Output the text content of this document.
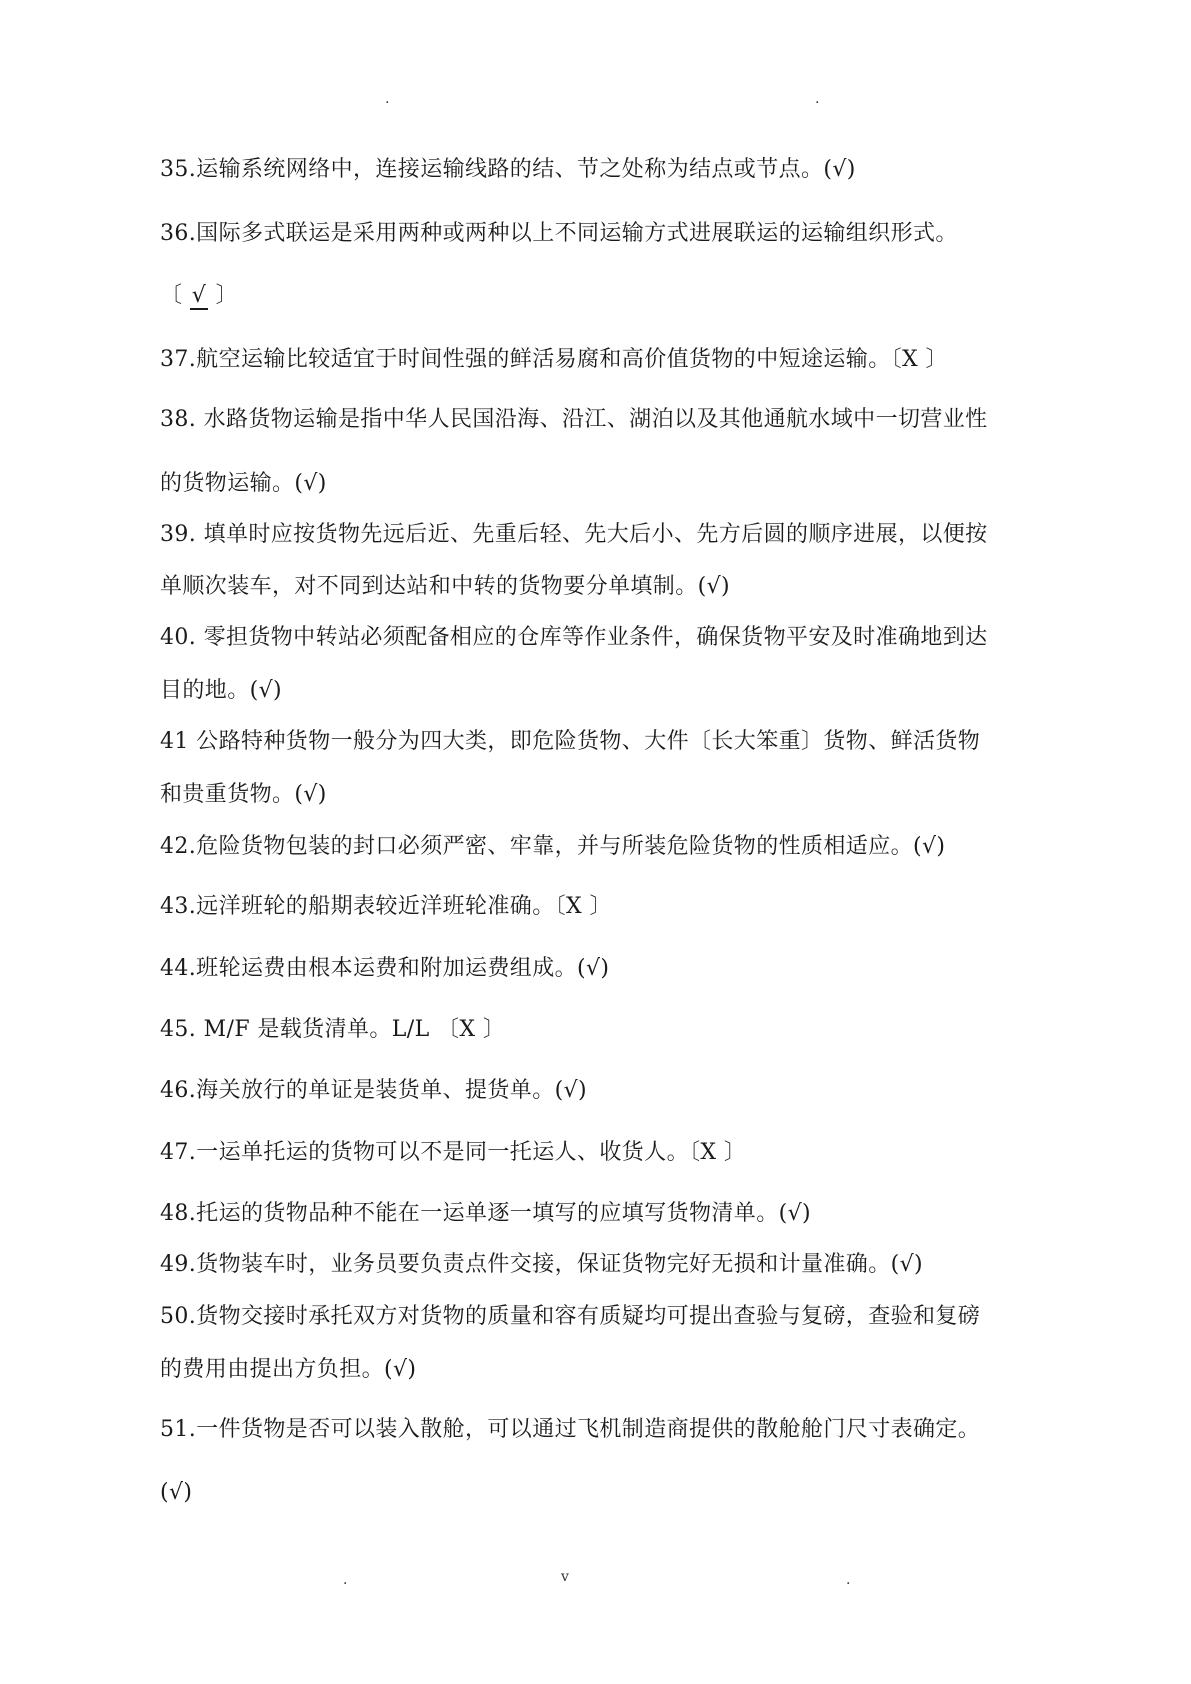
.	.

35.运输系统网络中，连接运输线路的结、节之处称为结点或节点。(√)

36.国际多式联运是采用两种或两种以上不同运输方式进展联运的运输组织形式。

〔 √ 〕

37.航空运输比较适宜于时间性强的鲜活易腐和高价值货物的中短途运输。〔X 〕

38. 水路货物运输是指中华人民国沿海、沿江、湖泊以及其他通航水域中一切营业性

的货物运输。(√)

39. 填单时应按货物先远后近、先重后轻、先大后小、先方后圆的顺序进展，以便按

单顺次装车，对不同到达站和中转的货物要分单填制。(√)

40. 零担货物中转站必须配备相应的仓库等作业条件，确保货物平安及时准确地到达

目的地。(√)

41 公路特种货物一般分为四大类，即危险货物、大件〔长大笨重〕货物、鲜活货物

和贵重货物。(√)

42.危险货物包装的封口必须严密、牢靠，并与所装危险货物的性质相适应。(√)

43.远洋班轮的船期表较近洋班轮准确。〔X 〕

44.班轮运费由根本运费和附加运费组成。(√)

45. M/F 是载货清单。L/L 〔X 〕

46.海关放行的单证是装货单、提货单。(√)

47.一运单托运的货物可以不是同一托运人、收货人。〔X 〕

48.托运的货物品种不能在一运单逐一填写的应填写货物清单。(√)

49.货物装车时，业务员要负责点件交接，保证货物完好无损和计量准确。(√)

50.货物交接时承托双方对货物的质量和容有质疑均可提出查验与复磅，查验和复磅

的费用由提出方负担。(√)

51.一件货物是否可以装入散舱，可以通过飞机制造商提供的散舱舱门尺寸表确定。

(√)

.	v	.
